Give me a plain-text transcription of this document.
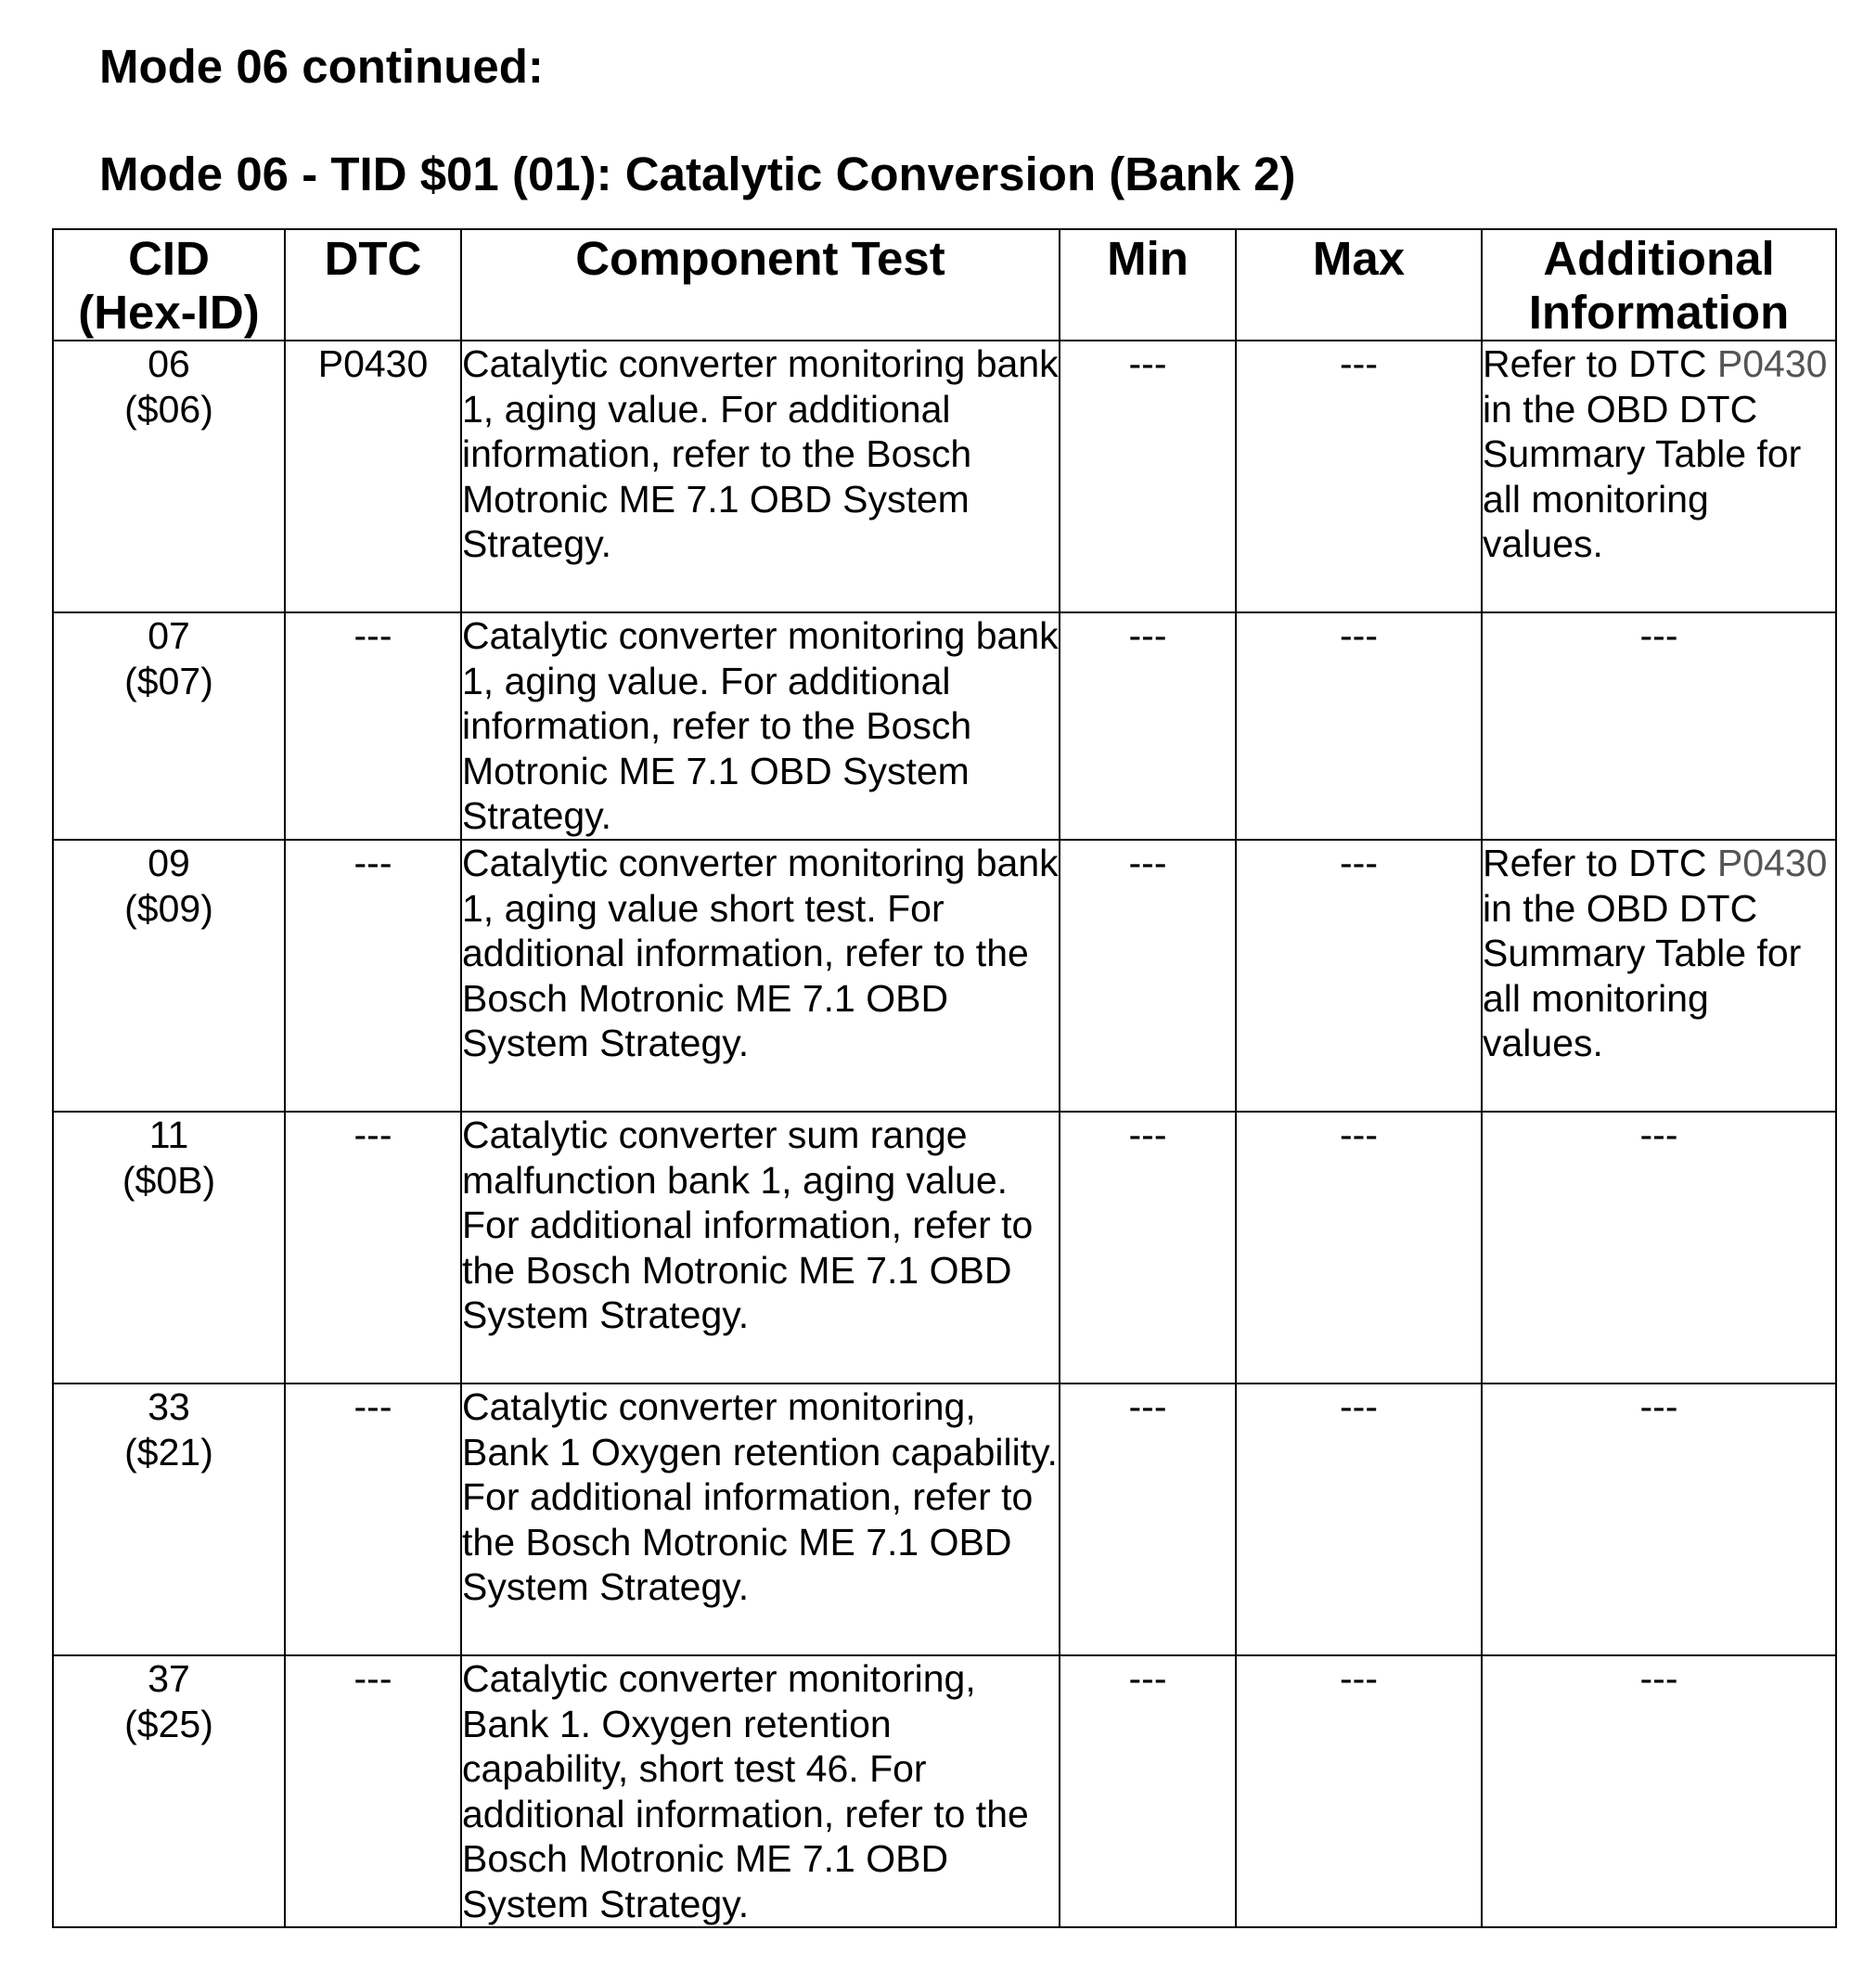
Mode 06 continued:
Mode 06 - TID $01 (01): Catalytic Conversion (Bank 2)
CID
(Hex-ID)	DTC	Component Test	Min	Max	Additional
Information

06
($06)	P0430	Catalytic converter monitoring bank 1, aging value. For additional information, refer to the Bosch Motronic ME 7.1 OBD System Strategy.	---	---	Refer to DTC P0430 in the OBD DTC Summary Table for all monitoring values.

07
($07)	---	Catalytic converter monitoring bank 1, aging value. For additional information, refer to the Bosch Motronic ME 7.1 OBD System Strategy.	---	---	---

09
($09)	---	Catalytic converter monitoring bank 1, aging value short test. For additional information, refer to the Bosch Motronic ME 7.1 OBD System Strategy.	---	---	Refer to DTC P0430 in the OBD DTC Summary Table for all monitoring values.

11
($0B)	---	Catalytic converter sum range malfunction bank 1, aging value. For additional information, refer to the Bosch Motronic ME 7.1 OBD System Strategy.	---	---	---

33
($21)	---	Catalytic converter monitoring, Bank 1 Oxygen retention capability. For additional information, refer to the Bosch Motronic ME 7.1 OBD System Strategy.	---	---	---

37
($25)	---	Catalytic converter monitoring, Bank 1. Oxygen retention capability, short test 46. For additional information, refer to the Bosch Motronic ME 7.1 OBD System Strategy.	---	---	---
